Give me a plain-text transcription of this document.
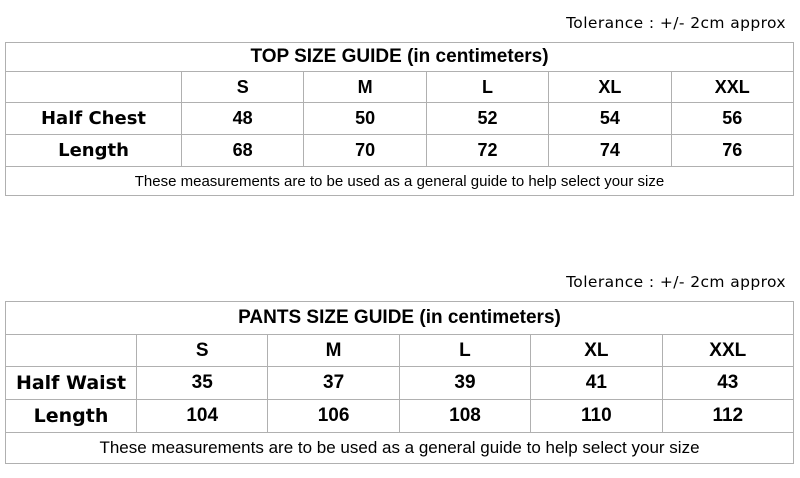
Tolerance : +/- 2cm approx
TOP SIZE GUIDE (in centimeters)					
	S	M	L	XL	XXL
Half Chest	48	50	52	54	56
Length	68	70	72	74	76
These measurements are to be used as a general guide to help select your size					
Tolerance : +/- 2cm approx
PANTS SIZE GUIDE (in centimeters)					
	S	M	L	XL	XXL
Half Waist	35	37	39	41	43
Length	104	106	108	110	112
These measurements are to be used as a general guide to help select your size					
